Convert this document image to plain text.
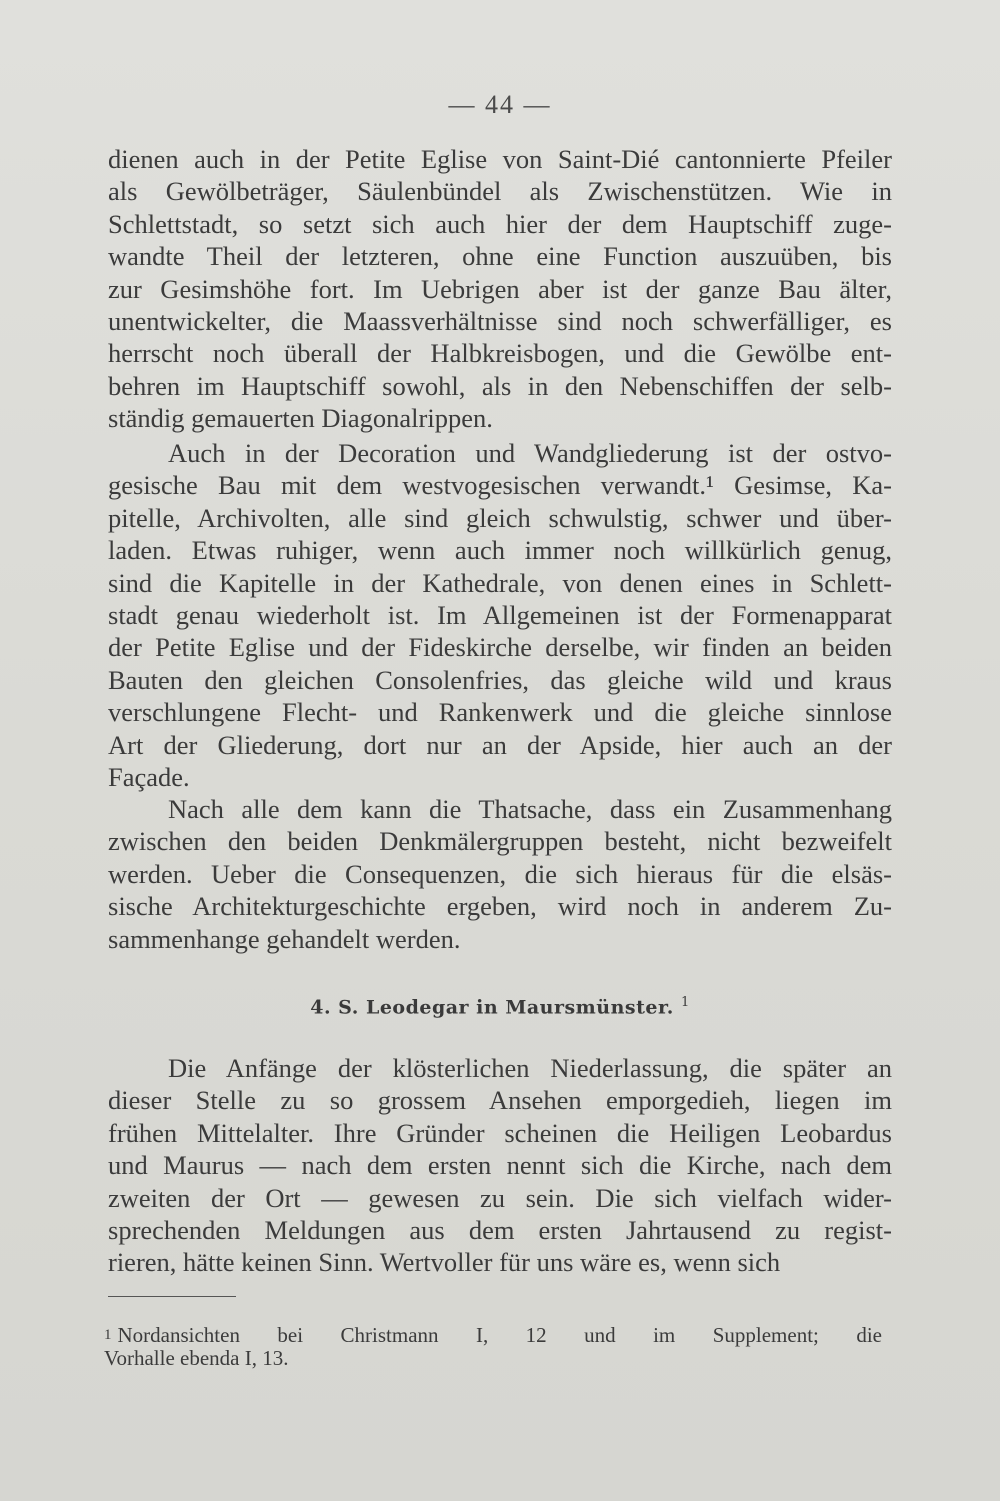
— 44 —
dienen auch in der Petite Eglise von Saint-Dié cantonnierte Pfeiler
als Gewölbeträger, Säulenbündel als Zwischenstützen. Wie in
Schlettstadt, so setzt sich auch hier der dem Hauptschiff zuge-
wandte Theil der letzteren, ohne eine Function auszuüben, bis
zur Gesimshöhe fort. Im Uebrigen aber ist der ganze Bau älter,
unentwickelter, die Maassverhältnisse sind noch schwerfälliger, es
herrscht noch überall der Halbkreisbogen, und die Gewölbe ent-
behren im Hauptschiff sowohl, als in den Nebenschiffen der selb-
ständig gemauerten Diagonalrippen.
Auch in der Decoration und Wandgliederung ist der ostvo-
gesische Bau mit dem westvogesischen verwandt.¹ Gesimse, Ka-
pitelle, Archivolten, alle sind gleich schwulstig, schwer und über-
laden. Etwas ruhiger, wenn auch immer noch willkürlich genug,
sind die Kapitelle in der Kathedrale, von denen eines in Schlett-
stadt genau wiederholt ist. Im Allgemeinen ist der Formenapparat
der Petite Eglise und der Fideskirche derselbe, wir finden an beiden
Bauten den gleichen Consolenfries, das gleiche wild und kraus
verschlungene Flecht- und Rankenwerk und die gleiche sinnlose
Art der Gliederung, dort nur an der Apside, hier auch an der
Façade.
Nach alle dem kann die Thatsache, dass ein Zusammenhang
zwischen den beiden Denkmälergruppen besteht, nicht bezweifelt
werden. Ueber die Consequenzen, die sich hieraus für die elsäs-
sische Architekturgeschichte ergeben, wird noch in anderem Zu-
sammenhange gehandelt werden.
4. S. Leodegar in Maursmünster. $^1$
Die Anfänge der klösterlichen Niederlassung, die später an
dieser Stelle zu so grossem Ansehen emporgedieh, liegen im
frühen Mittelalter. Ihre Gründer scheinen die Heiligen Leobardus
und Maurus — nach dem ersten nennt sich die Kirche, nach dem
zweiten der Ort — gewesen zu sein. Die sich vielfach wider-
sprechenden Meldungen aus dem ersten Jahrtausend zu regist-
rieren, hätte keinen Sinn. Wertvoller für uns wäre es, wenn sich
$^1$ Nordansichten bei Christmann I, 12 und im Supplement; die
Vorhalle ebenda I, 13.
